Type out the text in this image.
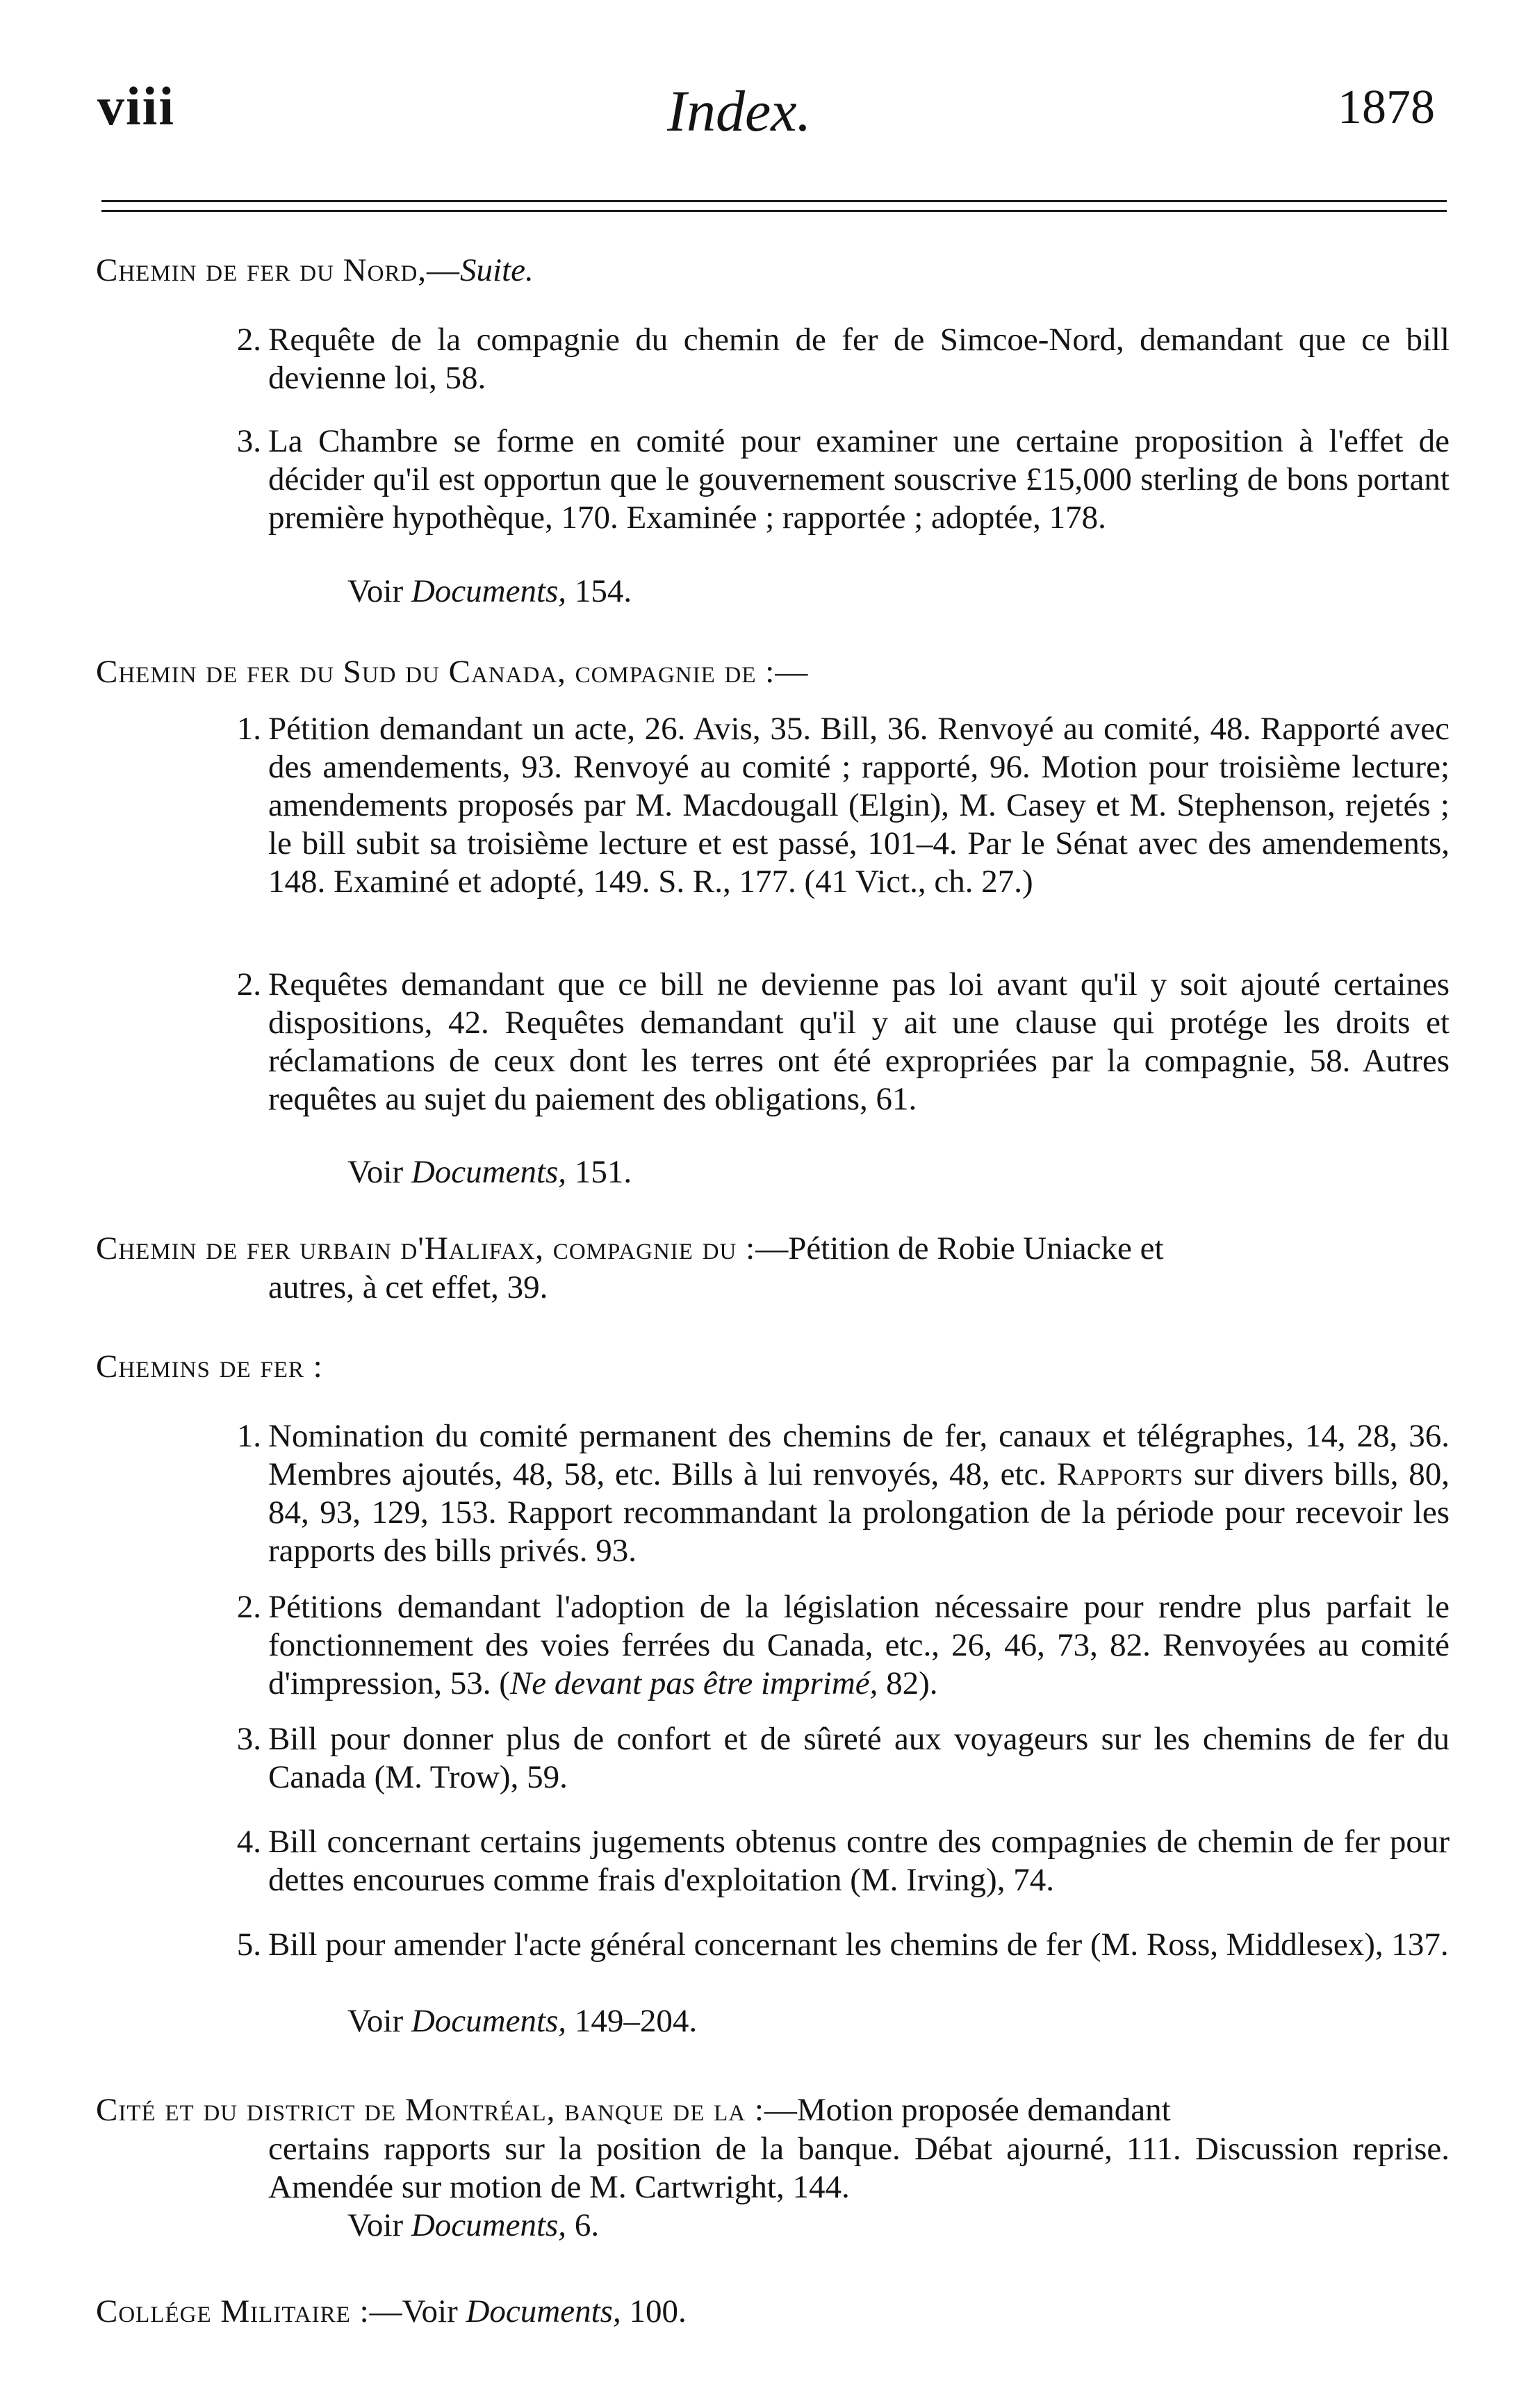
viii	Index.	1878
Chemin de fer du Nord,—Suite.
2. Requête de la compagnie du chemin de fer de Simcoe-Nord, demandant que ce bill devienne loi, 58.
3. La Chambre se forme en comité pour examiner une certaine proposition à l'effet de décider qu'il est opportun que le gouvernement souscrive £15,000 sterling de bons portant première hypothèque, 170. Examinée ; rapportée ; adoptée, 178.
Voir Documents, 154.
Chemin de fer du Sud du Canada, compagnie de :—
1. Pétition demandant un acte, 26. Avis, 35. Bill, 36. Renvoyé au comité, 48. Rapporté avec des amendements, 93. Renvoyé au comité ; rapporté, 96. Motion pour troisième lecture; amendements proposés par M. Macdougall (Elgin), M. Casey et M. Stephenson, rejetés ; le bill subit sa troisième lecture et est passé, 101–4. Par le Sénat avec des amendements, 148. Examiné et adopté, 149. S. R., 177. (41 Vict., ch. 27.)
2. Requêtes demandant que ce bill ne devienne pas loi avant qu'il y soit ajouté certaines dispositions, 42. Requêtes demandant qu'il y ait une clause qui protége les droits et réclamations de ceux dont les terres ont été expropriées par la compagnie, 58. Autres requêtes au sujet du paiement des obligations, 61.
Voir Documents, 151.
Chemin de fer urbain d'Halifax, compagnie du :—Pétition de Robie Uniacke et
autres, à cet effet, 39.
Chemins de fer :
1. Nomination du comité permanent des chemins de fer, canaux et télégraphes, 14, 28, 36. Membres ajoutés, 48, 58, etc. Bills à lui renvoyés, 48, etc. Rapports sur divers bills, 80, 84, 93, 129, 153. Rapport recommandant la prolongation de la période pour recevoir les rapports des bills privés. 93.
2. Pétitions demandant l'adoption de la législation nécessaire pour rendre plus parfait le fonctionnement des voies ferrées du Canada, etc., 26, 46, 73, 82. Renvoyées au comité d'impression, 53. (Ne devant pas être imprimé, 82).
3. Bill pour donner plus de confort et de sûreté aux voyageurs sur les chemins de fer du Canada (M. Trow), 59.
4. Bill concernant certains jugements obtenus contre des compagnies de chemin de fer pour dettes encourues comme frais d'exploitation (M. Irving), 74.
5. Bill pour amender l'acte général concernant les chemins de fer (M. Ross, Middlesex), 137.
Voir Documents, 149–204.
Cité et du district de Montréal, banque de la :—Motion proposée demandant
certains rapports sur la position de la banque. Débat ajourné, 111. Discussion reprise. Amendée sur motion de M. Cartwright, 144.
Voir Documents, 6.
Collége Militaire :—Voir Documents, 100.
